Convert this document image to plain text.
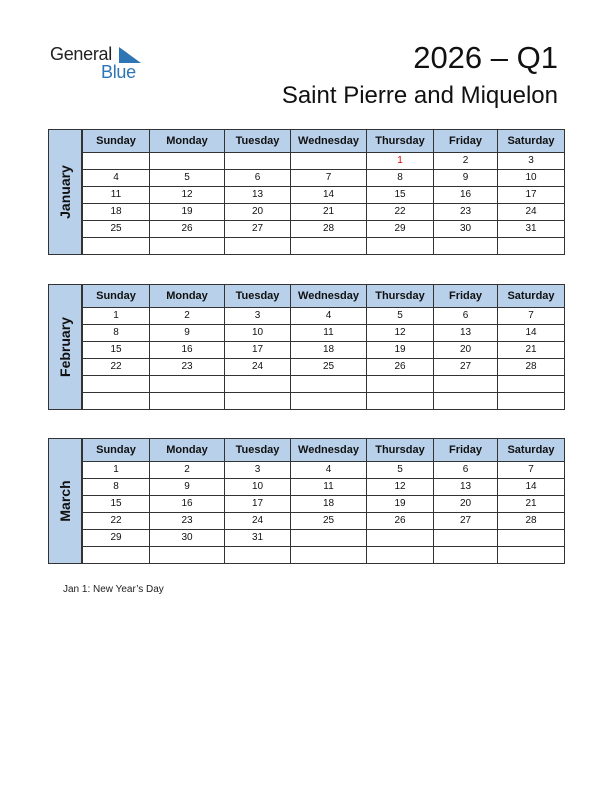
General
Blue	2026 – Q1
Saint Pierre and Miquelon
January
Sunday	Monday	Tuesday	Wednesday	Thursday	Friday	Saturday
				1	2	3
4	5	6	7	8	9	10
11	12	13	14	15	16	17
18	19	20	21	22	23	24
25	26	27	28	29	30	31

February
Sunday	Monday	Tuesday	Wednesday	Thursday	Friday	Saturday
1	2	3	4	5	6	7
8	9	10	11	12	13	14
15	16	17	18	19	20	21
22	23	24	25	26	27	28

March
Sunday	Monday	Tuesday	Wednesday	Thursday	Friday	Saturday
1	2	3	4	5	6	7
8	9	10	11	12	13	14
15	16	17	18	19	20	21
22	23	24	25	26	27	28
29	30	31				

Jan 1: New Year’s Day
